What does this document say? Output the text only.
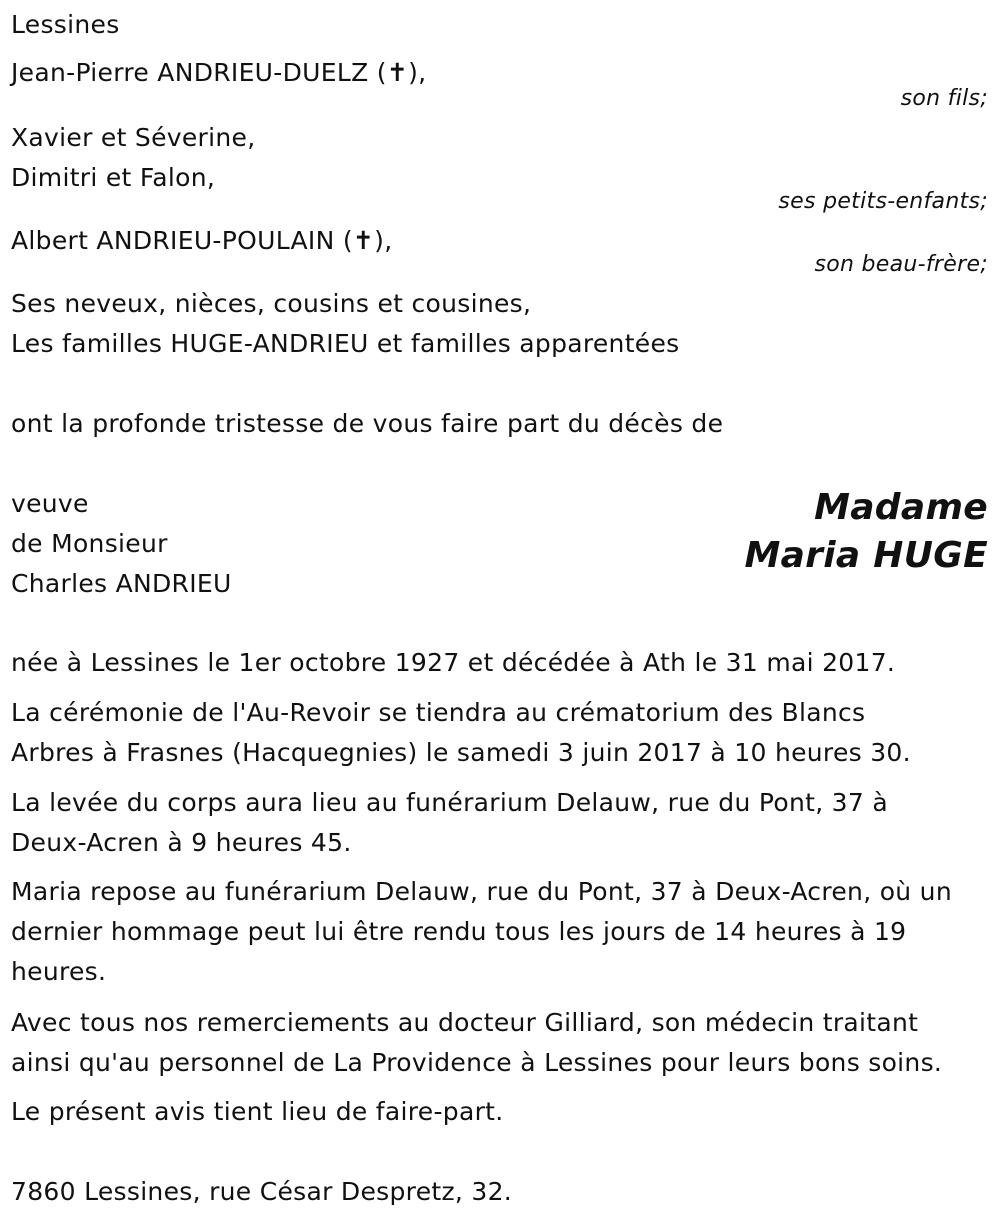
Lessines

Jean-Pierre ANDRIEU-DUELZ (✝),

son fils;

Xavier et Séverine,

Dimitri et Falon,

ses petits-enfants;

Albert ANDRIEU-POULAIN (✝),

son beau-frère;

Ses neveux, nièces, cousins et cousines,

Les familles HUGE-ANDRIEU et familles apparentées

ont la profonde tristesse de vous faire part du décès de

veuve

de Monsieur

Charles ANDRIEU

Madame
Maria HUGE

née à Lessines le 1er octobre 1927 et décédée à Ath le 31 mai 2017.

La cérémonie de l'Au-Revoir se tiendra au crématorium des Blancs

Arbres à Frasnes (Hacquegnies) le samedi 3 juin 2017 à 10 heures 30.

La levée du corps aura lieu au funérarium Delauw, rue du Pont, 37 à

Deux-Acren à 9 heures 45.

Maria repose au funérarium Delauw, rue du Pont, 37 à Deux-Acren, où un

dernier hommage peut lui être rendu tous les jours de 14 heures à 19

heures.

Avec tous nos remerciements au docteur Gilliard, son médecin traitant

ainsi qu'au personnel de La Providence à Lessines pour leurs bons soins.

Le présent avis tient lieu de faire-part.

7860 Lessines, rue César Despretz, 32.
